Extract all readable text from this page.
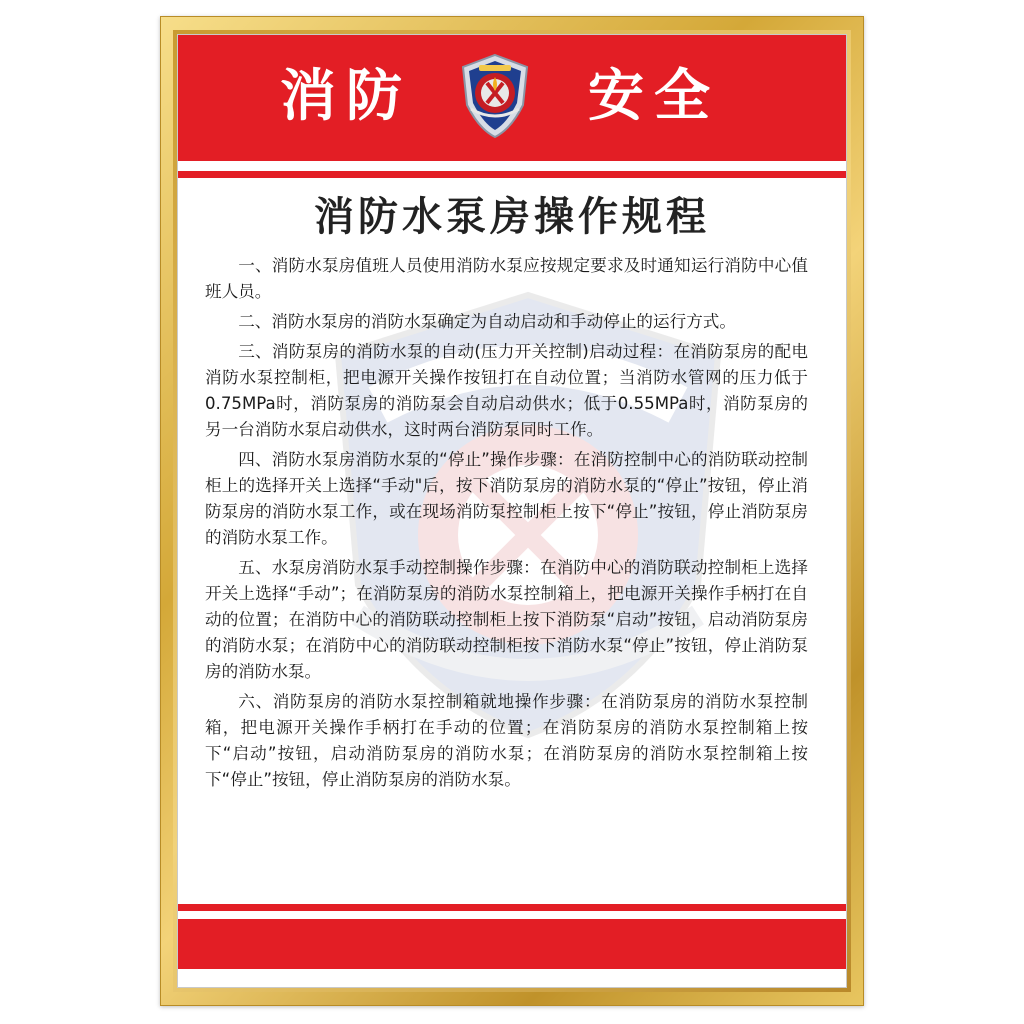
消防	安全
消防水泵房操作规程

一、消防水泵房值班人员使用消防水泵应按规定要求及时通知运行消防中心值班人员。

二、消防水泵房的消防水泵确定为自动启动和手动停止的运行方式。

三、消防泵房的消防水泵的自动(压力开关控制)启动过程：在消防泵房的配电消防水泵控制柜，把电源开关操作按钮打在自动位置；当消防水管网的压力低于0.75MPa时，消防泵房的消防泵会自动启动供水；低于0.55MPa时，消防泵房的另一台消防水泵启动供水，这时两台消防泵同时工作。

四、消防水泵房消防水泵的“停止”操作步骤：在消防控制中心的消防联动控制柜上的选择开关上选择“手动"后，按下消防泵房的消防水泵的“停止”按钮，停止消防泵房的消防水泵工作，或在现场消防泵控制柜上按下“停止”按钮，停止消防泵房的消防水泵工作。

五、水泵房消防水泵手动控制操作步骤：在消防中心的消防联动控制柜上选择开关上选择“手动”；在消防泵房的消防水泵控制箱上，把电源开关操作手柄打在自动的位置；在消防中心的消防联动控制柜上按下消防泵“启动”按钮，启动消防泵房的消防水泵；在消防中心的消防联动控制柜按下消防水泵“停止”按钮，停止消防泵房的消防水泵。

六、消防泵房的消防水泵控制箱就地操作步骤：在消防泵房的消防水泵控制箱，把电源开关操作手柄打在手动的位置；在消防泵房的消防水泵控制箱上按下“启动”按钮，启动消防泵房的消防水泵；在消防泵房的消防水泵控制箱上按下“停止”按钮，停止消防泵房的消防水泵。
